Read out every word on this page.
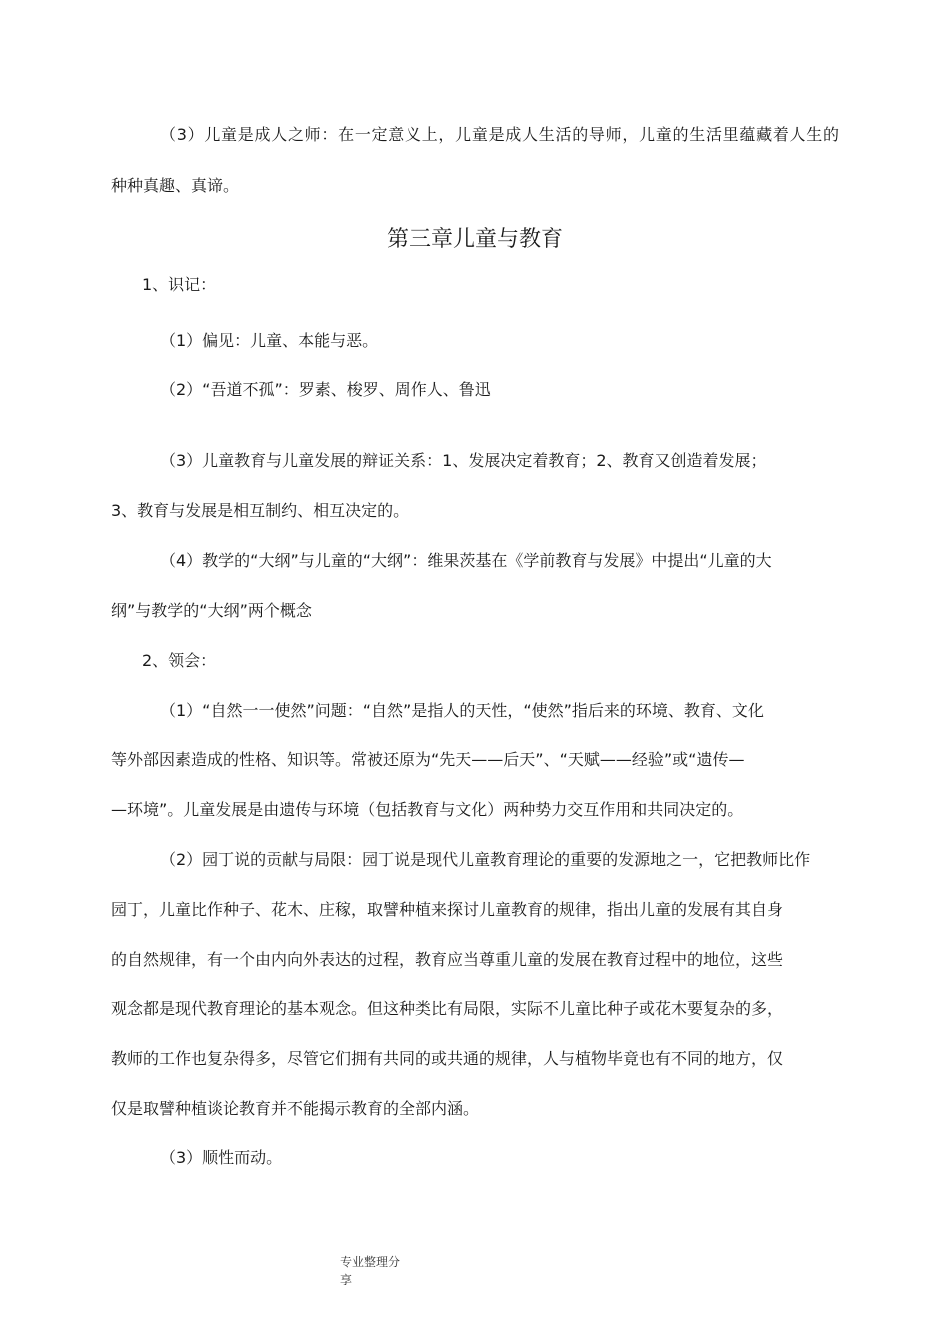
（3）儿童是成人之师：在一定意义上，儿童是成人生活的导师，儿童的生活里蕴藏着人生的
种种真趣、真谛。
第三章儿童与教育
1、识记：
（1）偏见：儿童、本能与恶。
（2）“吾道不孤”：罗素、梭罗、周作人、鲁迅
（3）儿童教育与儿童发展的辩证关系：1、发展决定着教育；2、教育又创造着发展；
3、教育与发展是相互制约、相互决定的。
（4）教学的“大纲”与儿童的“大纲”：维果茨基在《学前教育与发展》中提出“儿童的大
纲”与教学的“大纲”两个概念
2、领会：
（1）“自然一一使然”问题：“自然”是指人的天性，“使然”指后来的环境、教育、文化
等外部因素造成的性格、知识等。常被还原为“先天——后天”、“天赋——经验”或“遗传—
—环境”。儿童发展是由遗传与环境（包括教育与文化）两种势力交互作用和共同决定的。
（2）园丁说的贡献与局限：园丁说是现代儿童教育理论的重要的发源地之一，它把教师比作
园丁，儿童比作种子、花木、庄稼，取譬种植来探讨儿童教育的规律，指出儿童的发展有其自身
的自然规律，有一个由内向外表达的过程，教育应当尊重儿童的发展在教育过程中的地位，这些
观念都是现代教育理论的基本观念。但这种类比有局限，实际不儿童比种子或花木要复杂的多，
教师的工作也复杂得多，尽管它们拥有共同的或共通的规律，人与植物毕竟也有不同的地方，仅
仅是取譬种植谈论教育并不能揭示教育的全部内涵。
（3）顺性而动。
专业整理分
享
